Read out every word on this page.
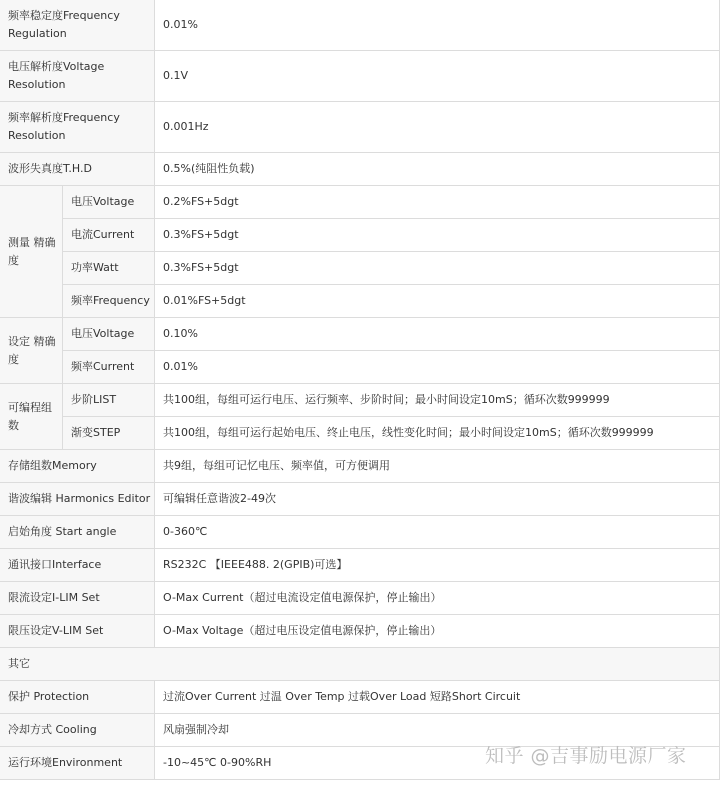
频率稳定度Frequency Regulation		0.01%
电压解析度Voltage Resolution		0.1V
频率解析度Frequency Resolution		0.001Hz
波形失真度T.H.D		0.5%(纯阻性负载)
测量 精确度	电压Voltage	0.2%FS+5dgt
	电流Current	0.3%FS+5dgt
	功率Watt	0.3%FS+5dgt
	频率Frequency	0.01%FS+5dgt
设定 精确度	电压Voltage	0.10%
	频率Current	0.01%
可编程组数	步阶LIST	共100组，每组可运行电压、运行频率、步阶时间；最小时间设定10mS；循环次数999999
	渐变STEP	共100组，每组可运行起始电压、终止电压，线性变化时间；最小时间设定10mS；循环次数999999
存储组数Memory		共9组，每组可记忆电压、频率值，可方便调用
谐波编辑 Harmonics Editor		可编辑任意谐波2-49次
启始角度 Start angle		0-360℃
通讯接口Interface		RS232C 【IEEE488. 2(GPIB)可选】
限流设定I-LIM Set		O-Max Current（超过电流设定值电源保护，停止输出）
限压设定V-LIM Set		O-Max Voltage（超过电压设定值电源保护，停止输出）
其它		
保护 Protection		过流Over Current 过温 Over Temp 过载Over Load 短路Short Circuit
冷却方式 Cooling		风扇强制冷却
运行环境Environment		-10~45℃ 0-90%RH	知乎 @吉事励电源厂家
